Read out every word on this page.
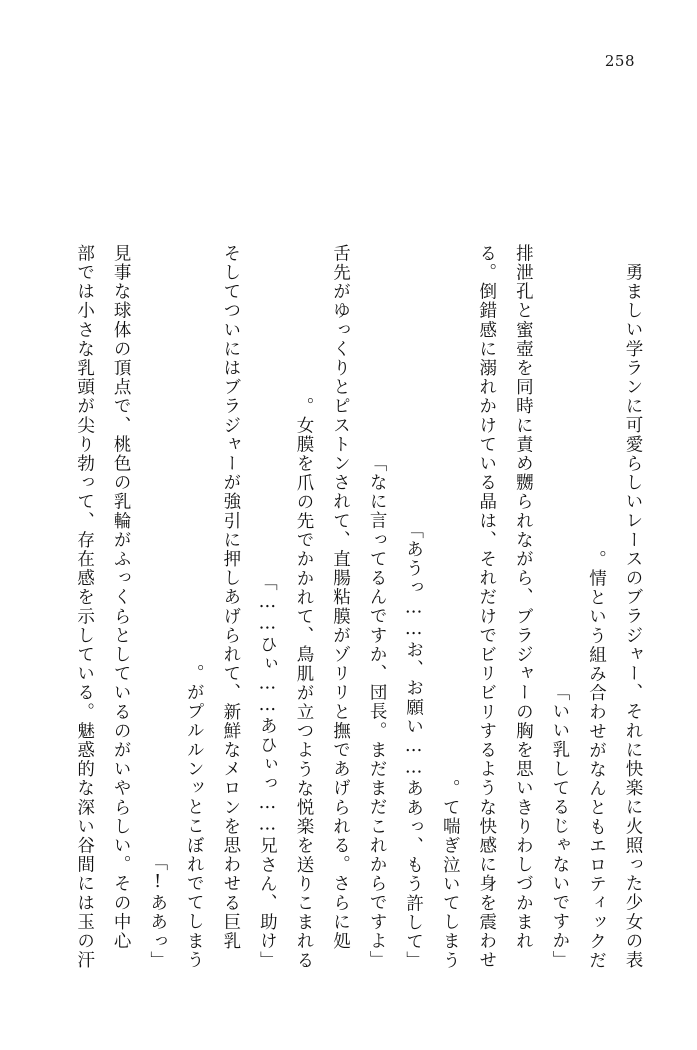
258
勇ましい学ランに可愛らしいレースのブラジャー、それに快楽に火照った少女の表
情という組み合わせがなんともエロティックだ。
「いい乳してるじゃないですか」
　排泄孔と蜜壺を同時に責め嬲られながら、ブラジャーの胸を思いきりわしづかまれ
る。倒錯感に溺れかけている晶は、それだけでビリビリするような快感に身を震わせ
て喘ぎ泣いてしまう。
「あうっ……お、お願い……ああっ、もう許して」
「なに言ってるんですか、団長。まだまだこれからですよ」
　舌先がゆっくりとピストンされて、直腸粘膜がゾリリと撫であげられる。さらに処
女膜を爪の先でかかれて、鳥肌が立つような悦楽を送りこまれる。
「ひぃ……あひぃっ……兄さん、助け……」
　そしてついにはブラジャーが強引に押しあげられて、新鮮なメロンを思わせる巨乳
がプルルンッとこぼれでてしまう。
「ああっ!」
　見事な球体の頂点で、桃色の乳輪がふっくらとしているのがいやらしい。その中心
部では小さな乳頭が尖り勃って、存在感を示している。魅惑的な深い谷間には玉の汗
